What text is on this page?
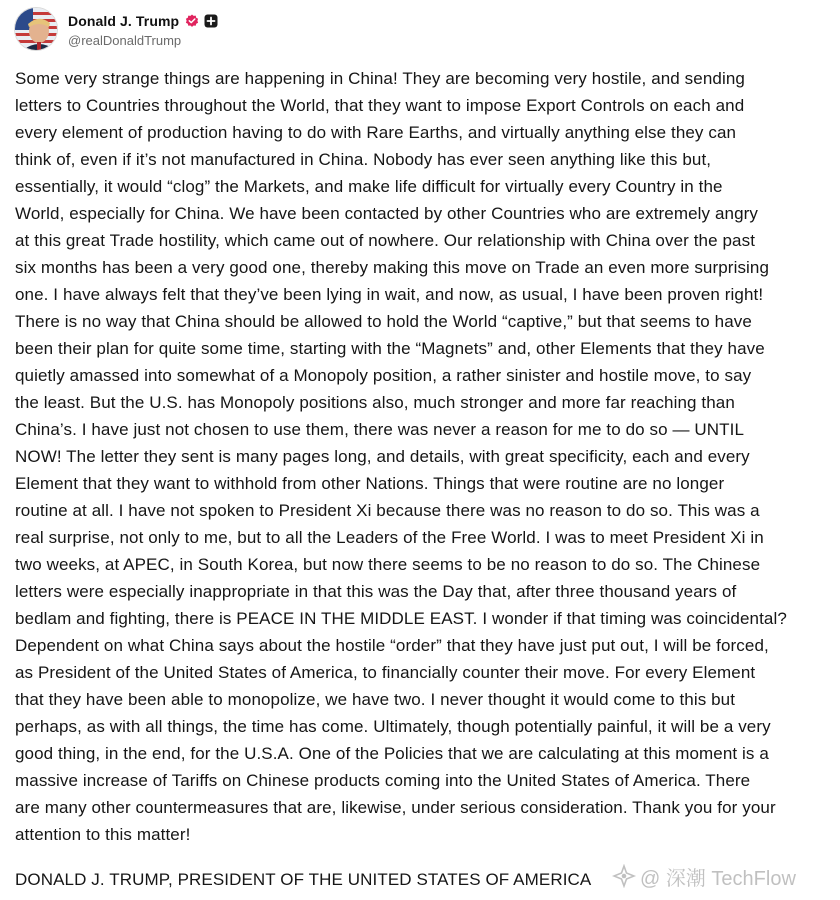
Donald J. Trump
@realDonaldTrump
Some very strange things are happening in China! They are becoming very hostile, and sending
letters to Countries throughout the World, that they want to impose Export Controls on each and
every element of production having to do with Rare Earths, and virtually anything else they can
think of, even if it’s not manufactured in China. Nobody has ever seen anything like this but,
essentially, it would “clog” the Markets, and make life difficult for virtually every Country in the
World, especially for China. We have been contacted by other Countries who are extremely angry
at this great Trade hostility, which came out of nowhere. Our relationship with China over the past
six months has been a very good one, thereby making this move on Trade an even more surprising
one. I have always felt that they’ve been lying in wait, and now, as usual, I have been proven right!
There is no way that China should be allowed to hold the World “captive,” but that seems to have
been their plan for quite some time, starting with the “Magnets” and, other Elements that they have
quietly amassed into somewhat of a Monopoly position, a rather sinister and hostile move, to say
the least. But the U.S. has Monopoly positions also, much stronger and more far reaching than
China’s. I have just not chosen to use them, there was never a reason for me to do so — UNTIL
NOW! The letter they sent is many pages long, and details, with great specificity, each and every
Element that they want to withhold from other Nations. Things that were routine are no longer
routine at all. I have not spoken to President Xi because there was no reason to do so. This was a
real surprise, not only to me, but to all the Leaders of the Free World. I was to meet President Xi in
two weeks, at APEC, in South Korea, but now there seems to be no reason to do so. The Chinese
letters were especially inappropriate in that this was the Day that, after three thousand years of
bedlam and fighting, there is PEACE IN THE MIDDLE EAST. I wonder if that timing was coincidental?
Dependent on what China says about the hostile “order” that they have just put out, I will be forced,
as President of the United States of America, to financially counter their move. For every Element
that they have been able to monopolize, we have two. I never thought it would come to this but
perhaps, as with all things, the time has come. Ultimately, though potentially painful, it will be a very
good thing, in the end, for the U.S.A. One of the Policies that we are calculating at this moment is a
massive increase of Tariffs on Chinese products coming into the United States of America. There
are many other countermeasures that are, likewise, under serious consideration. Thank you for your
attention to this matter!
DONALD J. TRUMP, PRESIDENT OF THE UNITED STATES OF AMERICA @ 深潮 TechFlow
